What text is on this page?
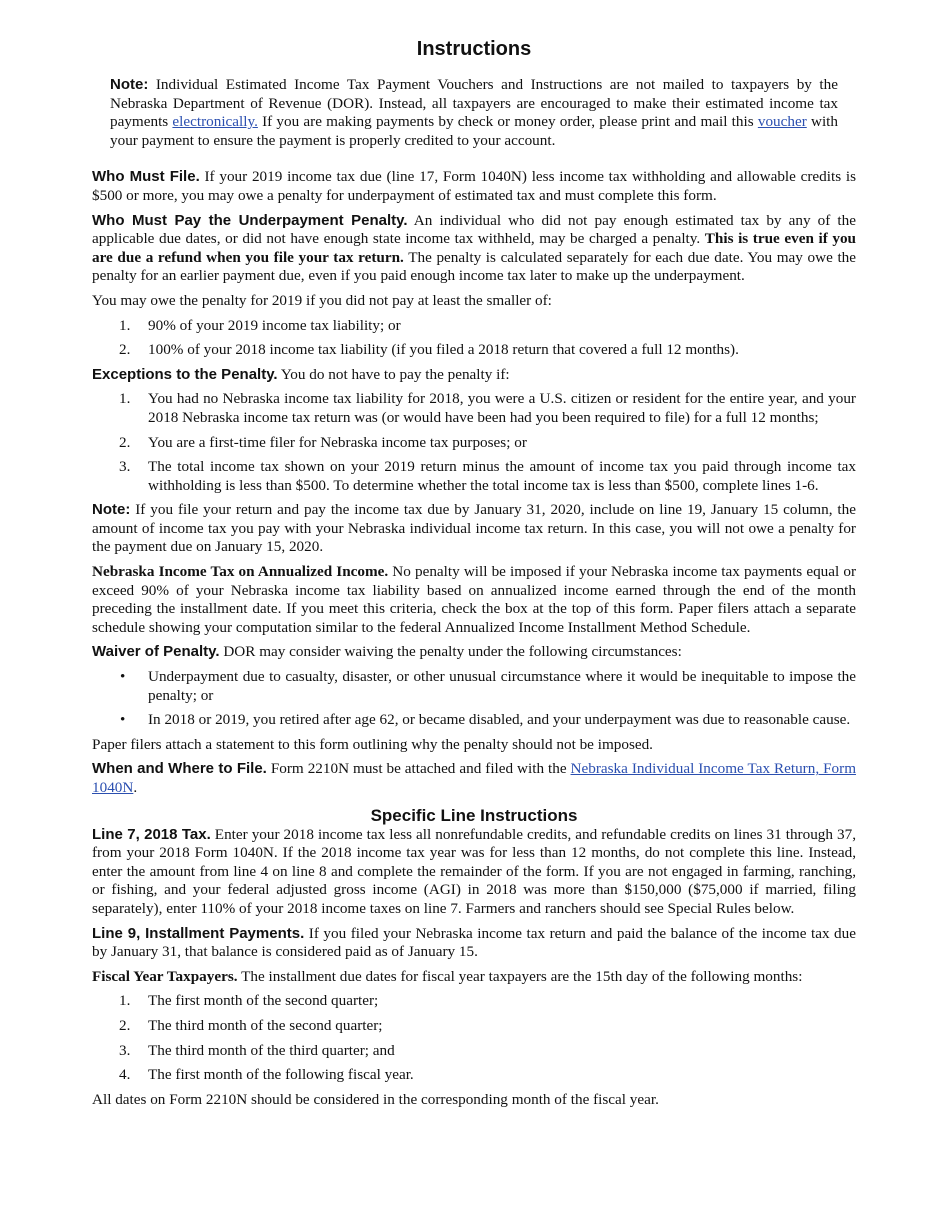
Instructions

Note: Individual Estimated Income Tax Payment Vouchers and Instructions are not mailed to taxpayers by the Nebraska Department of Revenue (DOR). Instead, all taxpayers are encouraged to make their estimated income tax payments electronically. If you are making payments by check or money order, please print and mail this voucher with your payment to ensure the payment is properly credited to your account.

Who Must File. If your 2019 income tax due (line 17, Form 1040N) less income tax withholding and allowable credits is $500 or more, you may owe a penalty for underpayment of estimated tax and must complete this form.

Who Must Pay the Underpayment Penalty. An individual who did not pay enough estimated tax by any of the applicable due dates, or did not have enough state income tax withheld, may be charged a penalty. This is true even if you are due a refund when you file your tax return. The penalty is calculated separately for each due date. You may owe the penalty for an earlier payment due, even if you paid enough income tax later to make up the underpayment.

You may owe the penalty for 2019 if you did not pay at least the smaller of:

1. 90% of your 2019 income tax liability; or
2. 100% of your 2018 income tax liability (if you filed a 2018 return that covered a full 12 months).

Exceptions to the Penalty. You do not have to pay the penalty if:

1. You had no Nebraska income tax liability for 2018, you were a U.S. citizen or resident for the entire year, and your 2018 Nebraska income tax return was (or would have been had you been required to file) for a full 12 months;
2. You are a first-time filer for Nebraska income tax purposes; or
3. The total income tax shown on your 2019 return minus the amount of income tax you paid through income tax withholding is less than $500. To determine whether the total income tax is less than $500, complete lines 1-6.

Note: If you file your return and pay the income tax due by January 31, 2020, include on line 19, January 15 column, the amount of income tax you pay with your Nebraska individual income tax return. In this case, you will not owe a penalty for the payment due on January 15, 2020.

Nebraska Income Tax on Annualized Income. No penalty will be imposed if your Nebraska income tax payments equal or exceed 90% of your Nebraska income tax liability based on annualized income earned through the end of the month preceding the installment date. If you meet this criteria, check the box at the top of this form. Paper filers attach a separate schedule showing your computation similar to the federal Annualized Income Installment Method Schedule.

Waiver of Penalty. DOR may consider waiving the penalty under the following circumstances:

• Underpayment due to casualty, disaster, or other unusual circumstance where it would be inequitable to impose the penalty; or
• In 2018 or 2019, you retired after age 62, or became disabled, and your underpayment was due to reasonable cause.

Paper filers attach a statement to this form outlining why the penalty should not be imposed.

When and Where to File. Form 2210N must be attached and filed with the Nebraska Individual Income Tax Return, Form 1040N.

Specific Line Instructions

Line 7, 2018 Tax. Enter your 2018 income tax less all nonrefundable credits, and refundable credits on lines 31 through 37, from your 2018 Form 1040N. If the 2018 income tax year was for less than 12 months, do not complete this line. Instead, enter the amount from line 4 on line 8 and complete the remainder of the form. If you are not engaged in farming, ranching, or fishing, and your federal adjusted gross income (AGI) in 2018 was more than $150,000 ($75,000 if married, filing separately), enter 110% of your 2018 income taxes on line 7. Farmers and ranchers should see Special Rules below.

Line 9, Installment Payments. If you filed your Nebraska income tax return and paid the balance of the income tax due by January 31, that balance is considered paid as of January 15.

Fiscal Year Taxpayers. The installment due dates for fiscal year taxpayers are the 15th day of the following months:

1. The first month of the second quarter;
2. The third month of the second quarter;
3. The third month of the third quarter; and
4. The first month of the following fiscal year.

All dates on Form 2210N should be considered in the corresponding month of the fiscal year.
